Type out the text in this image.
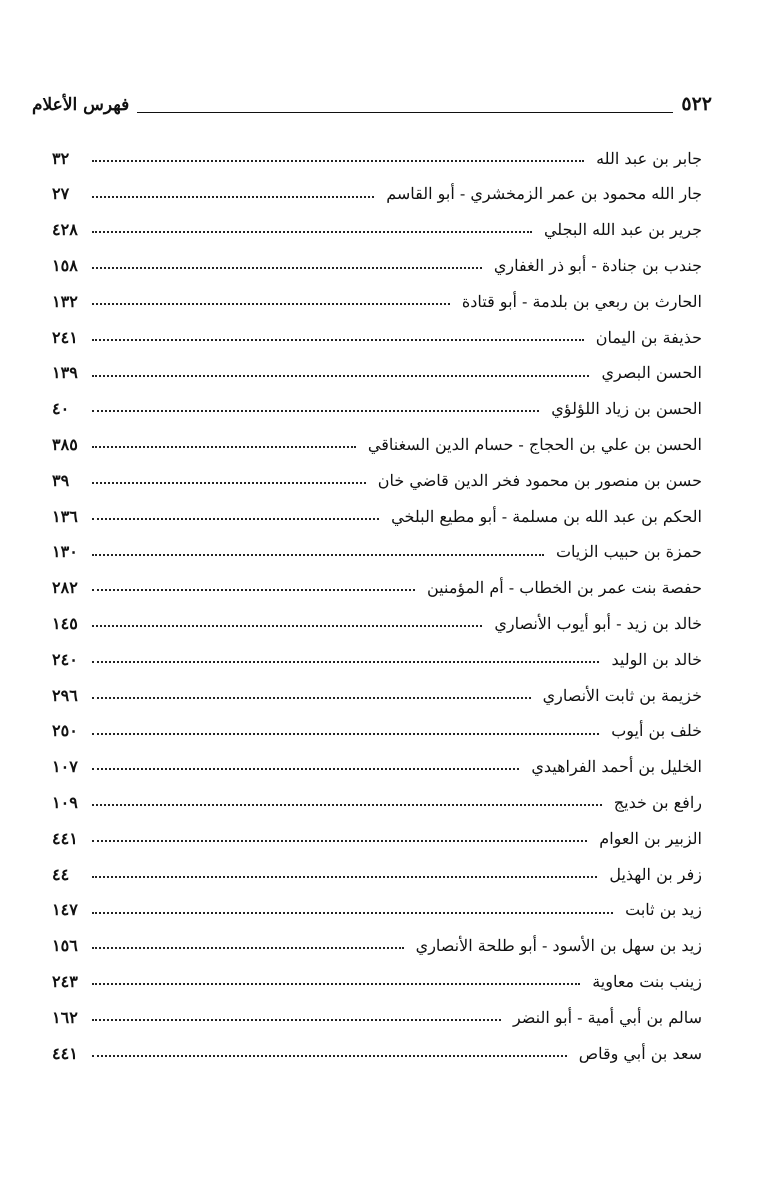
٥٢٢
فهرس الأعلام
جابر بن عبد الله
٣٢
جار الله محمود بن عمر الزمخشري - أبو القاسم
٢٧
جرير بن عبد الله البجلي
٤٢٨
جندب بن جنادة - أبو ذر الغفاري
١٥٨
الحارث بن ربعي بن بلدمة - أبو قتادة
١٣٢
حذيفة بن اليمان
٢٤١
الحسن البصري
١٣٩
الحسن بن زياد اللؤلؤي
٤٠
الحسن بن علي بن الحجاج - حسام الدين السغناقي
٣٨٥
حسن بن منصور بن محمود فخر الدين قاضي خان
٣٩
الحكم بن عبد الله بن مسلمة - أبو مطيع البلخي
١٣٦
حمزة بن حبيب الزيات
١٣٠
حفصة بنت عمر بن الخطاب - أم المؤمنين
٢٨٢
خالد بن زيد - أبو أيوب الأنصاري
١٤٥
خالد بن الوليد
٢٤٠
خزيمة بن ثابت الأنصاري
٢٩٦
خلف بن أيوب
٢٥٠
الخليل بن أحمد الفراهيدي
١٠٧
رافع بن خديج
١٠٩
الزبير بن العوام
٤٤١
زفر بن الهذيل
٤٤
زيد بن ثابت
١٤٧
زيد بن سهل بن الأسود - أبو طلحة الأنصاري
١٥٦
زينب بنت معاوية
٢٤٣
سالم بن أبي أمية - أبو النضر
١٦٢
سعد بن أبي وقاص
٤٤١
